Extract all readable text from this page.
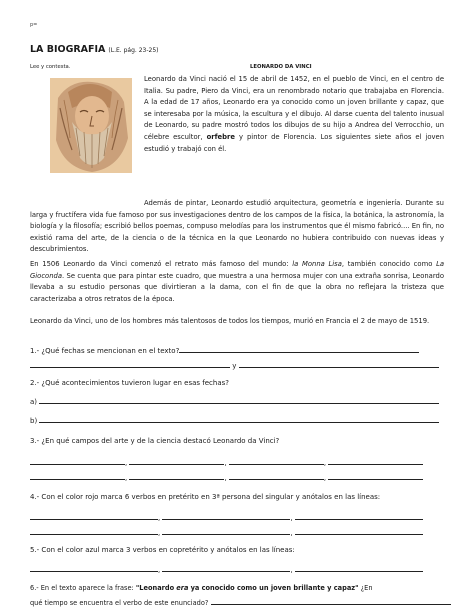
p=
LA BIOGRAFIA (L.E. pág. 23-25)
Lee y contesta.	LEONARDO DA VINCI
Leonardo da Vinci nació el 15 de abril de 1452, en el pueblo de Vinci, en el centro de Italia. Su padre, Piero da Vinci, era un renombrado notario que trabajaba en Florencia. A la edad de 17 años, Leonardo era ya conocido como un joven brillante y capaz, que se interesaba por la música, la escultura y el dibujo. Al darse cuenta del talento inusual de Leonardo, su padre mostró todos los dibujos de su hijo a Andrea del Verrocchio, un célebre escultor, orfebre y pintor de Florencia. Los siguientes siete años el joven estudió y trabajó con él.
Además de pintar, Leonardo estudió arquitectura, geometría e ingeniería. Durante su larga y fructífera vida fue famoso por sus investigaciones dentro de los campos de la física, la botánica, la astronomía, la biología y la filosofía; escribió bellos poemas, compuso melodías para los instrumentos que él mismo fabricó.... En fin, no existió rama del arte, de la ciencia o de la técnica en la que Leonardo no hubiera contribuido con nuevas ideas y descubrimientos.
En 1506 Leonardo da Vinci comenzó el retrato más famoso del mundo: la Monna Lisa, también conocido como La Gioconda. Se cuenta que para pintar este cuadro, que muestra a una hermosa mujer con una extraña sonrisa, Leonardo llevaba a su estudio personas que divirtieran a la dama, con el fin de que la obra no reflejara la tristeza que caracterizaba a otros retratos de la época.
Leonardo da Vinci, uno de los hombres más talentosos de todos los tiempos, murió en Francia el 2 de mayo de 1519.
1.- ¿Qué fechas se mencionan en el texto?
y
2.- ¿Qué acontecimientos tuvieron lugar en esas fechas?
a)
b)
3.- ¿En qué campos del arte y de la ciencia destacó Leonardo da Vinci?
,	,	,
,	,	,
4.- Con el color rojo marca 6 verbos en pretérito en 3ª persona del singular y anótalos en las líneas:
,	,
,	,
5.- Con el color azul marca 3 verbos en copretérito y anótalos en las líneas:
,	,
6.- En el texto aparece la frase: "Leonardo era ya conocido como un joven brillante y capaz" ¿En
qué tiempo se encuentra el verbo de este enunciado?
